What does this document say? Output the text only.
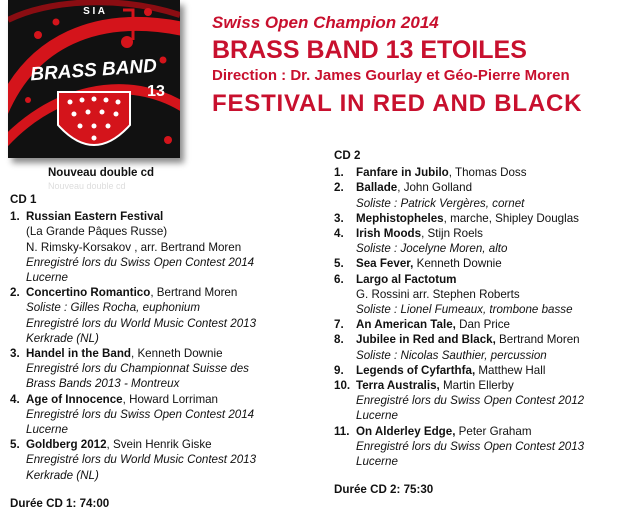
S I A
BRASS BAND
13
Nouveau double cd
Nouveau double cd

Swiss Open Champion 2014

BRASS BAND 13 ETOILES

Direction : Dr. James Gourlay et Géo-Pierre Moren

FESTIVAL IN RED AND BLACK

CD 1
1. Russian Eastern Festival
(La Grande Pâques Russe)
N. Rimsky-Korsakov , arr. Bertrand Moren
Enregistré lors du Swiss Open Contest 2014
Lucerne
2. Concertino Romantico, Bertrand Moren
Soliste : Gilles Rocha, euphonium
Enregistré lors du World Music Contest 2013
Kerkrade (NL)
3. Handel in the Band, Kenneth Downie
Enregistré lors du Championnat Suisse des
Brass Bands 2013 - Montreux
4. Age of Innocence, Howard Lorriman
Enregistré lors du Swiss Open Contest 2014
Lucerne
5. Goldberg 2012, Svein Henrik Giske
Enregistré lors du World Music Contest 2013
Kerkrade (NL)
Durée CD 1: 74:00
CD 2
1.	Fanfare in Jubilo, Thomas Doss
2.	Ballade, John Golland
Soliste : Patrick Vergères, cornet
3.	Mephistopheles, marche, Shipley Douglas
4.	Irish Moods, Stijn Roels
Soliste : Jocelyne Moren, alto
5.	Sea Fever, Kenneth Downie
6.	Largo al Factotum
G. Rossini arr. Stephen Roberts
Soliste : Lionel Fumeaux, trombone basse
7.	An American Tale, Dan Price
8.	Jubilee in Red and Black, Bertrand Moren
Soliste : Nicolas Sauthier, percussion
9.	Legends of Cyfarthfa, Matthew Hall
10. Terra Australis, Martin Ellerby
Enregistré lors du Swiss Open Contest 2012
Lucerne
11. On Alderley Edge, Peter Graham
Enregistré lors du Swiss Open Contest 2013
Lucerne
Durée CD 2: 75:30
